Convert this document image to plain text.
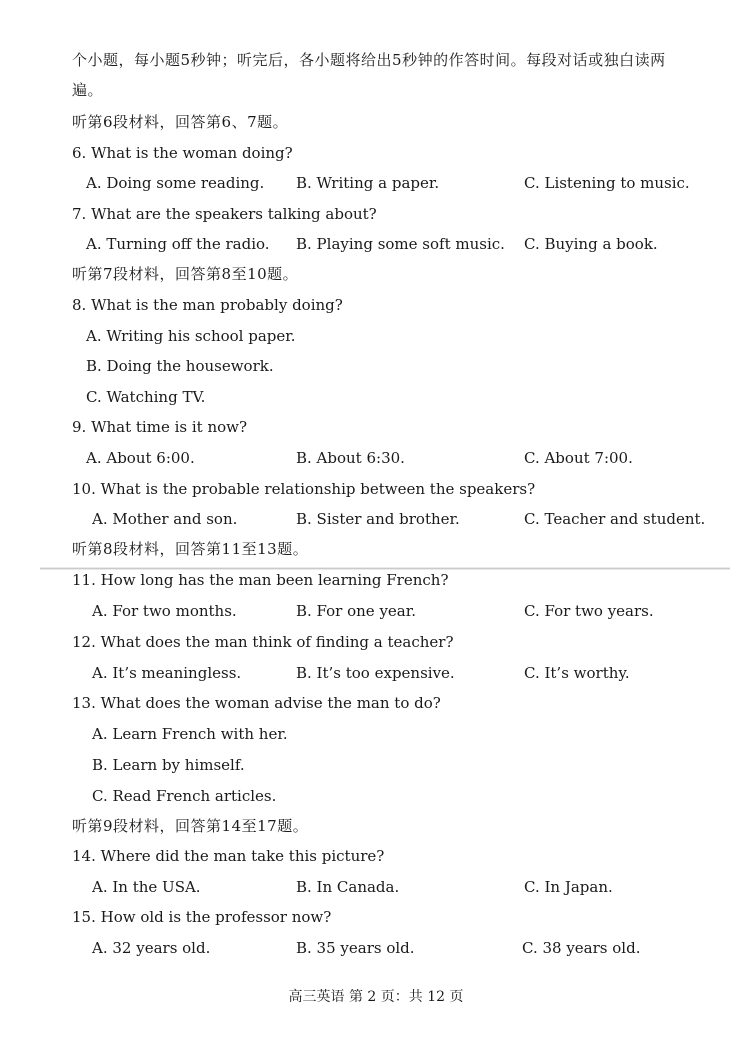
个小题，每小题5秒钟；听完后，各小题将给出5秒钟的作答时间。每段对话或独白读两
遍。
听第6段材料，回答第6、7题。
6. What is the woman doing?
A. Doing some reading. B. Writing a paper.	C. Listening to music.
7. What are the speakers talking about?
A. Turning off the radio. B. Playing some soft music. C. Buying a book.
听第7段材料，回答第8至10题。
8. What is the man probably doing?
A. Writing his school paper.
B. Doing the housework.
C. Watching TV.
9. What time is it now?
A. About 6:00.	B. About 6:30.	C. About 7:00.
10. What is the probable relationship between the speakers?
A. Mother and son.	B. Sister and brother.	C. Teacher and student.
听第8段材料，回答第11至13题。
11. How long has the man been learning French?
A. For two months.	B. For one year.	C. For two years.
12. What does the man think of finding a teacher?
A. It’s meaningless.	B. It’s too expensive.	C. It’s worthy.
13. What does the woman advise the man to do?
A. Learn French with her.
B. Learn by himself.
C. Read French articles.
听第9段材料，回答第14至17题。
14. Where did the man take this picture?
A. In the USA.	B. In Canada.	C. In Japan.
15. How old is the professor now?
A. 32 years old.	B. 35 years old.	C. 38 years old.
高三英语 第 2 页：共 12 页
